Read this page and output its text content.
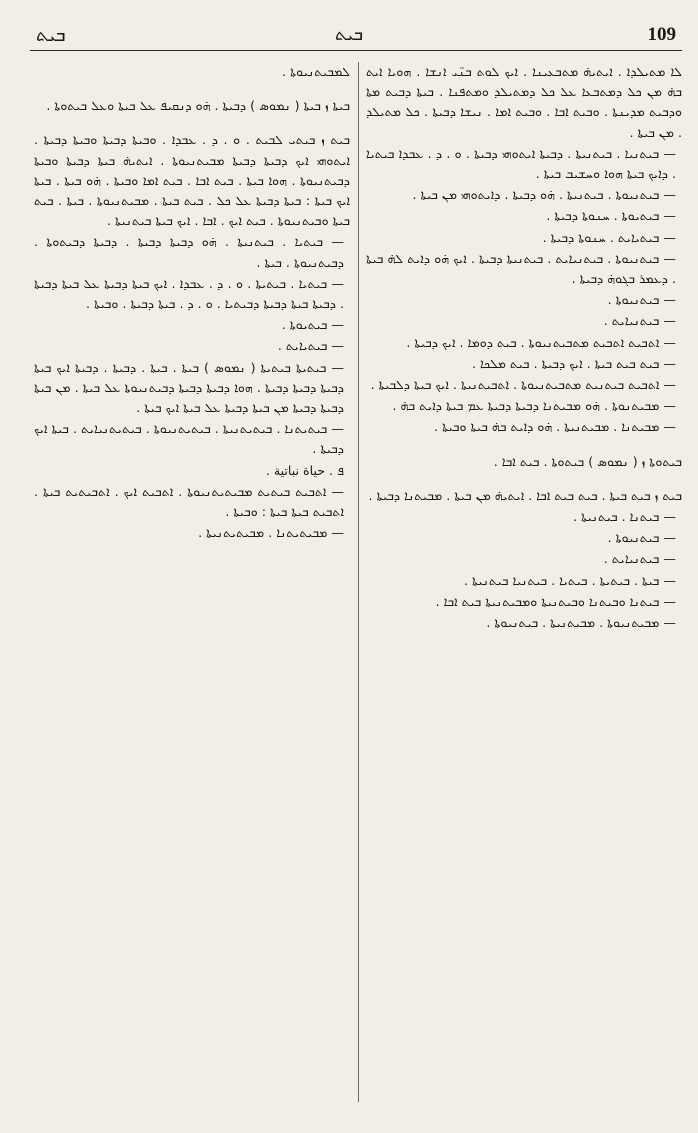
ܒܝܬ	ܒܝܬ	109
ܠܐ ܡܬܝܠܕܐ . ܐܝܬܝܗ̇ ܡܬܒܥܝܢܐ . ܐܝܟ ܠܘܬ ܒܢ̈ܝ ܐܢܫܐ . ܗܘܝܐ ܐܝܬ ܒܗ̇ ܡܢ ܟܠ ܕܡܬܒܥܐ ܥܠ ܟܠ ܕܡܬܝܠܕ ܘܡܬܦܢܐ . ܒܝܬܐ ܕܒܝܬ ܡܬܐ ܘܕܒܝܬ ܡܕܝܢܬܐ . ܘܒܝܬ ܐܒܐ . ܘܒܝܬ ܐܡܐ . ܢܝܫܐ ܕܒܝܬܐ . ܟܠ ܡܬܝܠܕ . ܡܢ ܒܝܬܐ .
— ܒܝܬܢܝܐ . ܒܝܬܢܝܬܐ . ܕܒܝܬܐ ܐܝܬܘܗܝ ܕܒܝܬܐ . ܘ . ܕ . ܥܒܕܐ ܒܝܬܝܐ . ܕܐܝܟ ܒܝܬܐ ܗܘܐ ܘܚܫܝܒ ܒܝܬܐ .
— ܒܝܬܢܝܘܬܐ . ܒܝܬܢܝܬܐ . ܗ̇ܘ ܕܒܝܬܐ . ܕܐܝܬܘܗܝ ܡܢ ܒܝܬܐ .
— ܒܝܬܝܘܬܐ . ܚܢܘܬܐ ܕܒܝܬܐ .
— ܒܝܬܝܐܝܬ . ܚܢܘܬܐ ܕܒܝܬܐ .
— ܒܝܬܢܝܘܬܐ . ܒܝܬܢܝܐܝܬ . ܒܝܬܢܝܬܐ ܕܒܝܬܐ . ܐܝܟ ܗ̇ܘ ܕܐܝܬ ܠܗ̇ ܒܝܬܐ . ܕܥܡܪ ܒܓܘܗ̇ ܕܒܝܬܐ .
— ܒܝܬܢܝܘܬܐ .
— ܒܝܬܢܝܐܝܬ .
— ܐܬܒܝܬ ܐܬܒܝܬ ܡܬܒܝܬܢܝܘܬܐ . ܒܝܬ ܕܘܡܐ . ܐܝܟ ܕܒܝܬܐ .
— ܒܝܬ ܒܝܬ ܒܝܬܐ . ܐܝܟ ܕܒܝܬܐ . ܒܝܬ ܡܠܟܐ .
— ܐܬܒܝܬ ܒܝܬܢܝܬ ܡܬܒܝܬܢܝܘܬܐ . ܐܬܒܝܬܢܝܬܐ . ܐܝܟ ܒܝܬܐ ܕܠܒܝܬܐ .
— ܡܒܝܬܢܘܬܐ . ܗ̇ܘ ܡܒܝܬܢܐ ܕܒܝܬܐ ܕܒܝܬܐ ܥܡ ܒܝܬܐ ܕܐܝܬ ܒܗ̇ .
— ܡܒܝܬܢܐ . ܡܒܝܬܢܝܬܐ . ܗ̇ܘ ܕܐܝܬ ܒܗ̇ ܒܝܬܐ ܘܒܝܬܐ .
ܒܝܬܘܬܐ ܙ ( ܢܡܘܣ ) ܒܝܬܘܬܐ . ܒܝܬ ܐܒܐ .
ܒܝܬ ܙ ܒܝܬ ܒܝܬܐ . ܒܝܬ ܒܝܬ ܐܒܐ . ܐܝܬܝܗ̇ ܡܢ ܒܝܬܐ . ܡܒܝܬܢܐ ܕܒܝܬܐ .
— ܒܝܬܢܐ . ܒܝܬܢܝܬܐ .
— ܒܝܬܢܝܘܬܐ .
— ܒܝܬܢܝܐܝܬ .
— ܒܝܬܐ . ܒܝܬܝܬܐ . ܒܝܬܝܐ . ܒܝܬܢܝܐ ܒܝܬܢܝܬܐ .
— ܒܝܬܢܐ ܘܒܝܬܢܐ ܘܒܝܬܢܝܬܐ ܘܡܒܝܬܢܝܬܐ ܒܝܬ ܐܒܐ .
— ܡܒܝܬܢܝܘܬܐ . ܡܒܝܬܢܝܬܐ . ܒܝܬܢܝܘܬܐ .
ܠܡܒܝܬܢܝܘܬܐ .
ܒܝܬܐ ܙ ܒܝܬܐ ( ܢܡܘܣ ) ܕܒܝܬܐ . ܗ̇ܘ ܕܢܩܝܦ ܥܠ ܒܝܬܐ ܘܥܠ ܒܝܬܘܬܐ .
ܒܝܬ ܙ ܒܝܬܝ ܠܒܝܬ . ܘ . ܕ . ܥܒܕܐ . ܘܒܝܬܐ ܕܒܝܬܐ ܘܒܝܬܐ ܕܒܝܬܐ . ܐܝܬܘܗܝ ܐܝܟ ܕܒܝܬܐ ܕܒܝܬܐ ܡܒܝܬܢܝܘܬܐ . ܐܝܬܝܗ̇ ܒܝܬܐ ܕܒܝܬܐ ܘܒܝܬܐ ܕܒܝܬܢܝܘܬܐ . ܗܘܐ ܒܝܬܐ . ܒܝܬ ܐܒܐ . ܒܝܬ ܐܡܐ ܘܒܝܬܐ . ܗ̇ܘ ܒܝܬܐ . ܒܝܬܐ ܐܝܟ ܒܝܬܐ : ܒܝܬܐ ܕܒܝܬܐ ܥܠ ܟܠ . ܒܝܬ ܒܝܬܐ . ܡܒܝܬܢܝܘܬܐ . ܒܝܬܐ . ܒܝܬ ܒܝܬܐ ܘܒܝܬܢܝܘܬܐ . ܒܝܬ ܐܝܟ . ܐܒܐ . ܐܝܟ ܒܝܬܐ ܒܝܬܢܝܬܐ .
— ܒܝܬܝܐ . ܒܝܬܢܝܬܐ . ܗ̇ܘ ܕܒܝܬܐ ܕܒܝܬܐ . ܕܒܝܬܐ ܕܒܝܬܘܬܐ . ܕܒܝܬܢܝܘܬܐ . ܒܝܬܐ .
— ܒܝܬܝܐ . ܒܝܬܝܬܐ . ܘ . ܕ . ܥܒܕܐ . ܐܝܟ ܒܝܬܐ ܕܒܝܬܐ ܥܠ ܒܝܬܐ ܕܒܝܬܐ . ܕܒܝܬܐ ܒܝܬܐ ܕܒܝܬܐ ܕܒܝܬܝܐ . ܘ . ܕ . ܒܝܬܐ ܕܒܝܬܐ . ܘܒܝܬܐ .
— ܒܝܬܝܘܬܐ .
— ܒܝܬܝܐܝܬ .
— ܒܝܬܝܬܐ ܒܝܬܝܬܐ ( ܢܡܘܣ ) ܒܝܬܐ . ܒܝܬܐ . ܕܒܝܬܐ . ܕܒܝܬܐ ܐܝܟ ܒܝܬܐ ܕܒܝܬܐ ܕܒܝܬܐ ܕܒܝܬܐ . ܗܘܐ ܕܒܝܬܐ ܕܒܝܬܐ ܕܒܝܬܢܝܘܬܐ ܥܠ ܒܝܬܐ . ܡܢ ܒܝܬܐ ܕܒܝܬܐ ܕܒܝܬܐ ܡܢ ܒܝܬܐ ܕܒܝܬܐ ܥܠ ܒܝܬܐ ܐܝܟ ܒܝܬܐ .
— ܒܝܬܝܬܢܐ . ܒܝܬܝܬܢܝܬܐ . ܒܝܬܝܬܢܝܘܬܐ . ܒܝܬܝܬܢܝܐܝܬ . ܒܝܬܐ ܐܝܟ ܕܒܝܬܐ .
ܦ . حياة نباتية .
— ܐܬܒܝܬ ܒܝܬܝܬ ܡܒܝܬܝܬܢܝܘܬܐ . ܐܬܒܝܬ ܐܝܟ . ܐܬܒܝܬܝܬ ܒܝܬܐ . ܐܬܒܝܬ ܒܝܬܐ ܒܝܬܐ : ܘܒܝܬܐ .
— ܡܒܝܬܝܬܢܐ . ܡܒܝܬܝܬܢܝܬܐ .
